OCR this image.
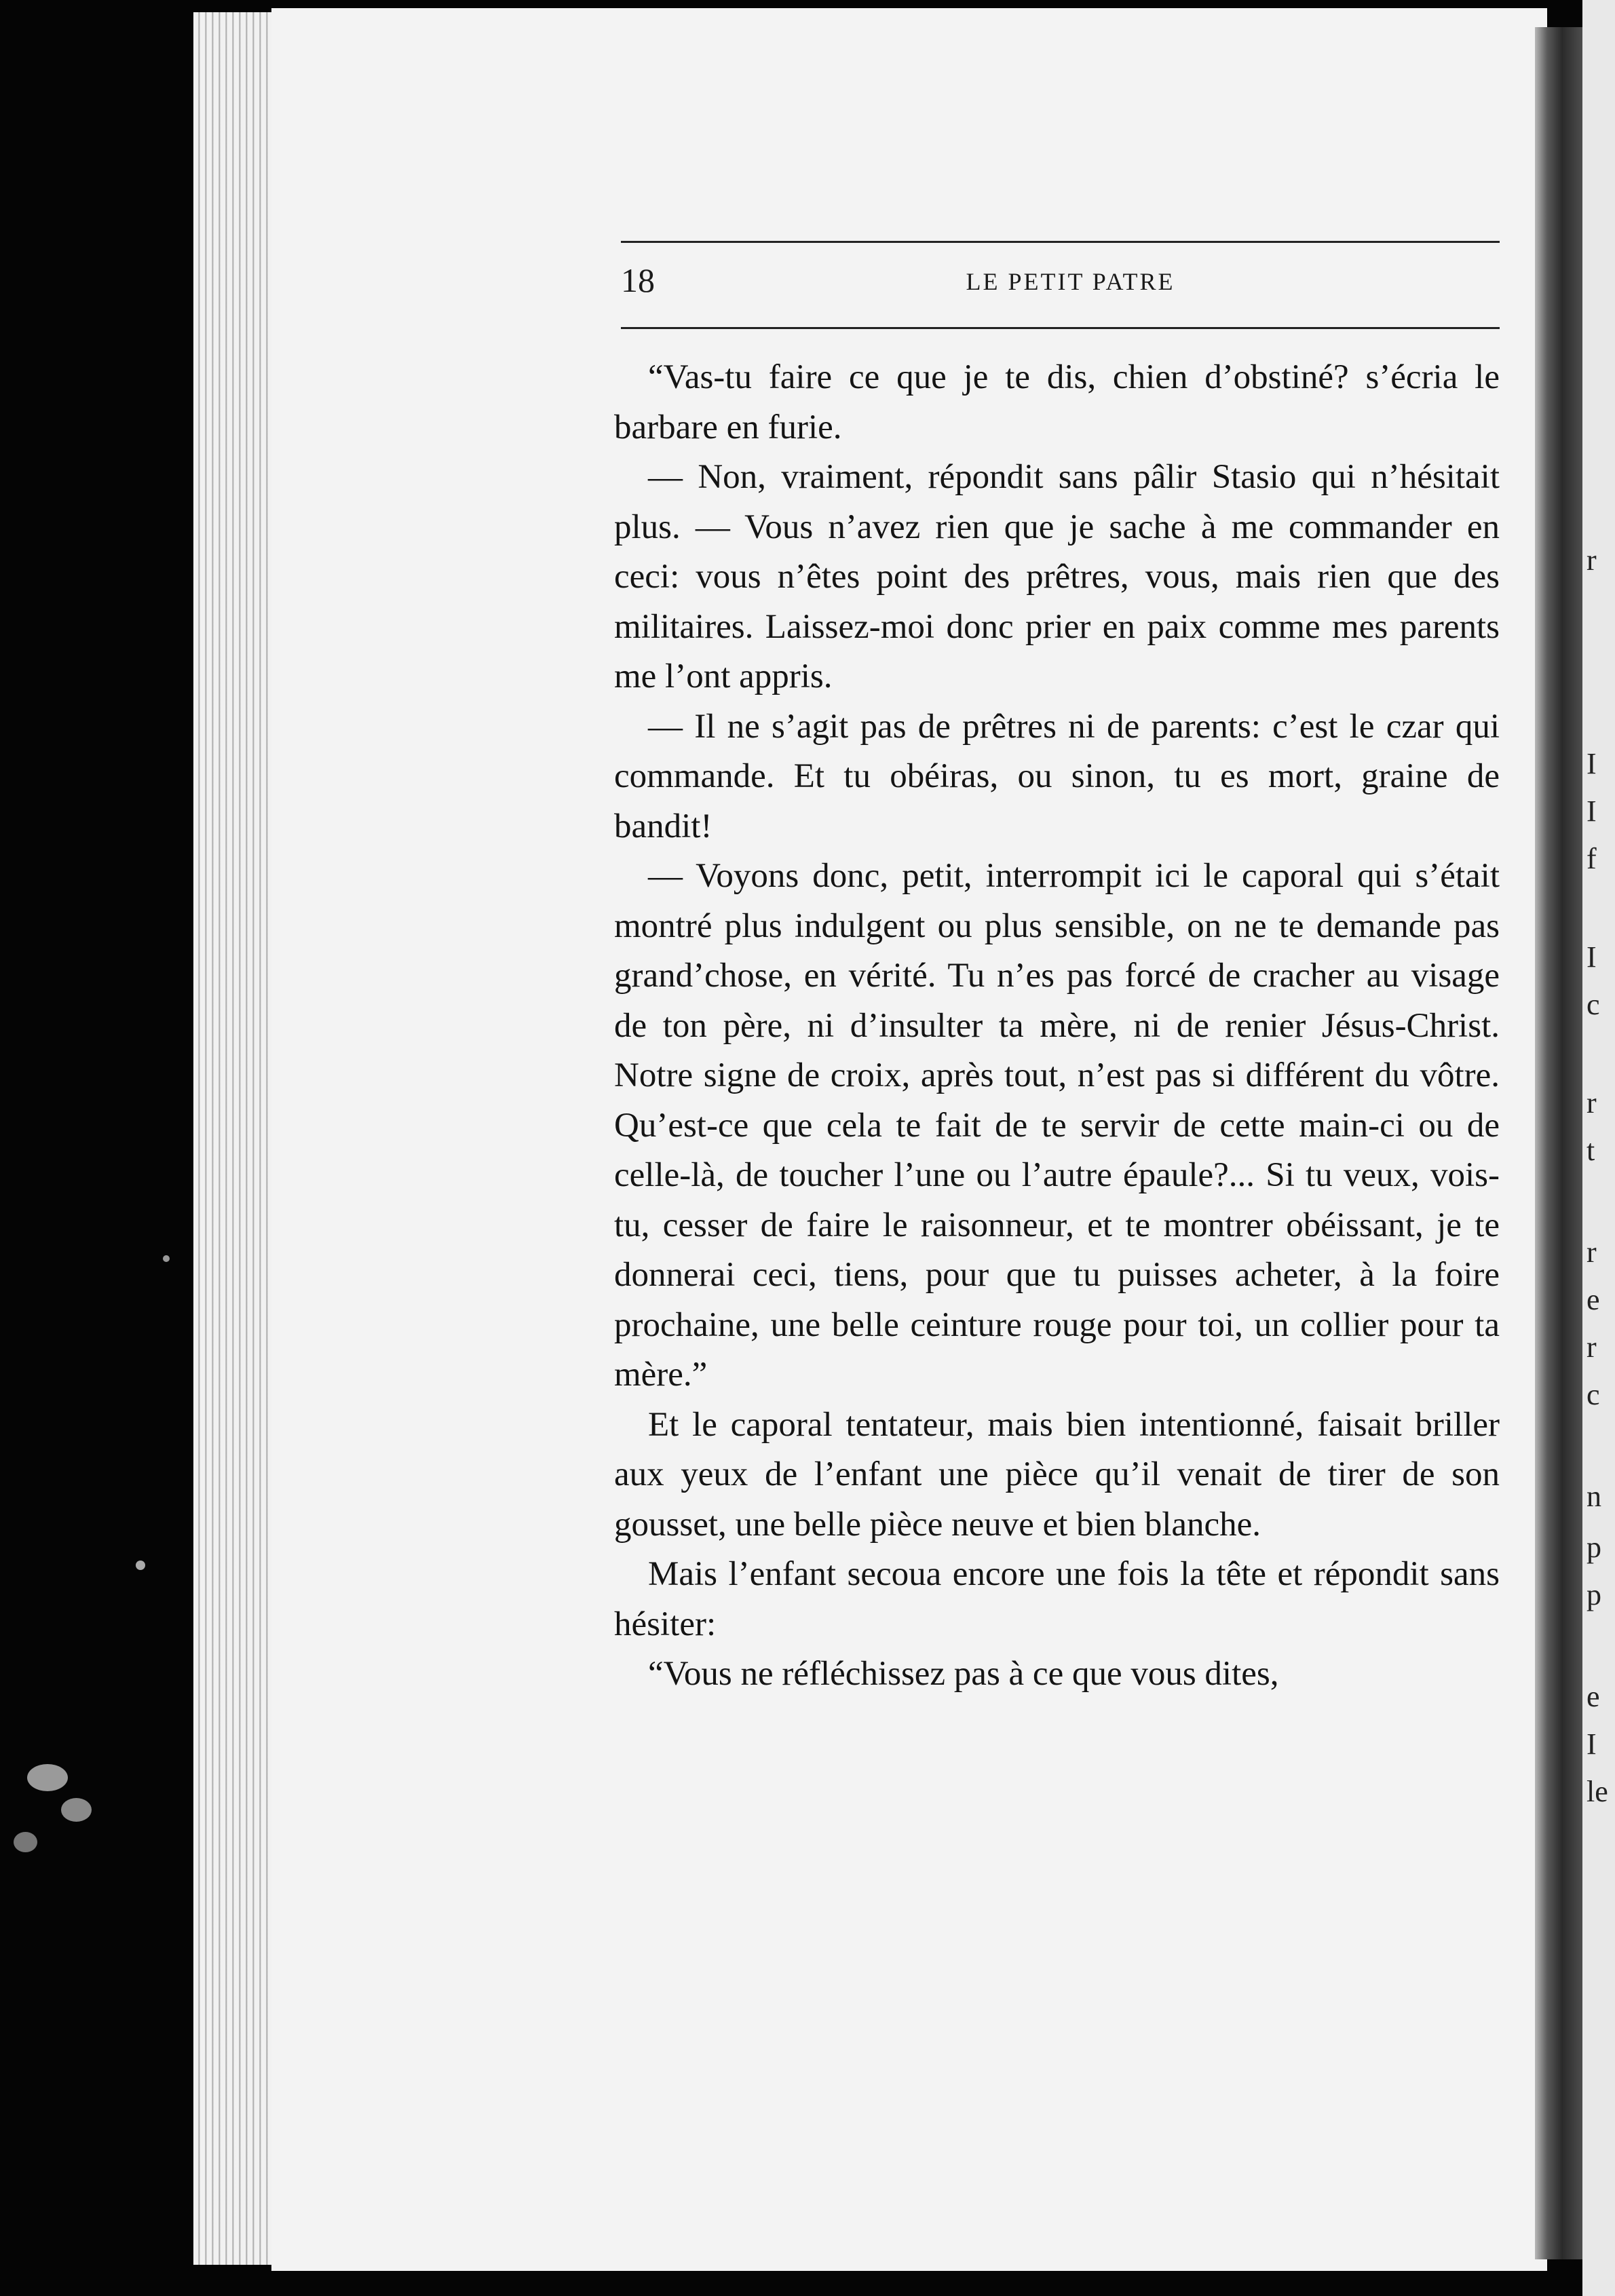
18	LE PETIT PATRE

“Vas-tu faire ce que je te dis, chien d’obstiné? s’écria le barbare en furie.

— Non, vraiment, répondit sans pâlir Stasio qui n’hésitait plus. — Vous n’avez rien que je sache à me commander en ceci: vous n’êtes point des prêtres, vous, mais rien que des militaires. Laissez-moi donc prier en paix comme mes parents me l’ont appris.

— Il ne s’agit pas de prêtres ni de parents: c’est le czar qui commande. Et tu obéiras, ou sinon, tu es mort, graine de bandit!

— Voyons donc, petit, interrompit ici le caporal qui s’était montré plus indulgent ou plus sensible, on ne te demande pas grand’chose, en vérité. Tu n’es pas forcé de cracher au visage de ton père, ni d’insulter ta mère, ni de renier Jésus-Christ. Notre signe de croix, après tout, n’est pas si différent du vôtre. Qu’est-ce que cela te fait de te servir de cette main-ci ou de celle-là, de toucher l’une ou l’autre épaule?... Si tu veux, vois-tu, cesser de faire le raisonneur, et te montrer obéissant, je te donnerai ceci, tiens, pour que tu puisses acheter, à la foire prochaine, une belle ceinture rouge pour toi, un collier pour ta mère.”

Et le caporal tentateur, mais bien intentionné, faisait briller aux yeux de l’enfant une pièce qu’il venait de tirer de son gousset, une belle pièce neuve et bien blanche.

Mais l’enfant secoua encore une fois la tête et répondit sans hésiter:

“Vous ne réfléchissez pas à ce que vous dites,

r
I
I
f
I
c
r
t
r
e
r
c
n
p
p
e
I
le
